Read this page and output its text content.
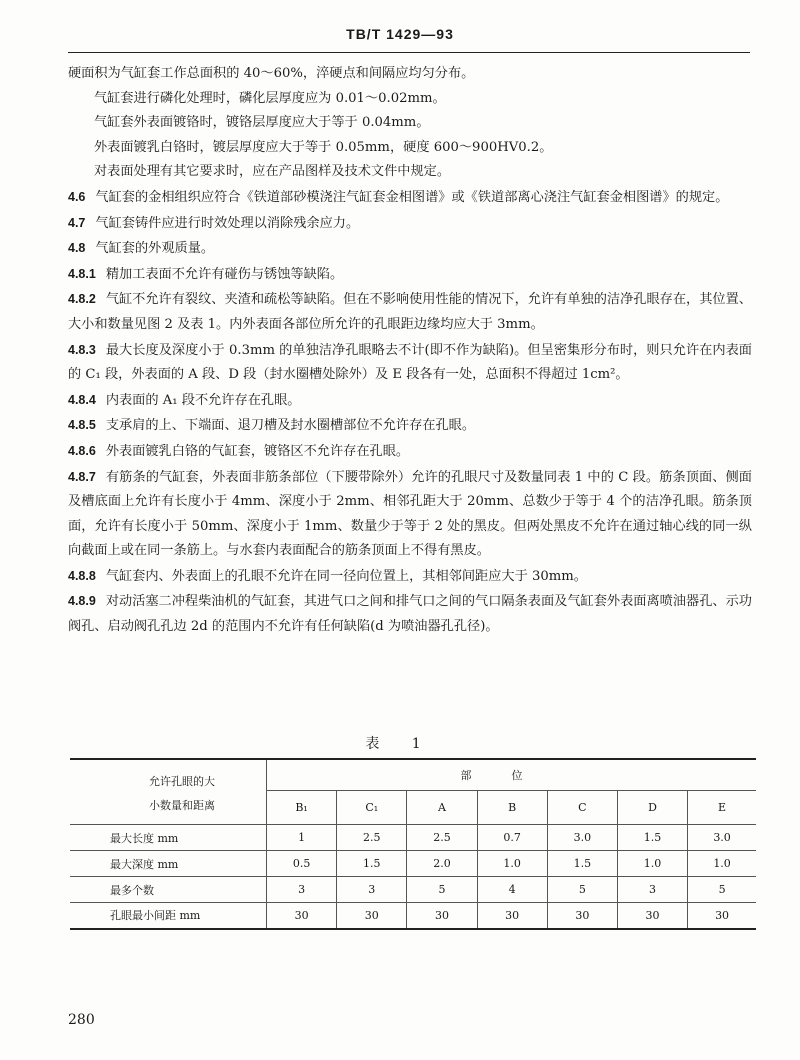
TB/T 1429—93

硬面积为气缸套工作总面积的 40～60%，淬硬点和间隔应均匀分布。

气缸套进行磷化处理时，磷化层厚度应为 0.01～0.02mm。

气缸套外表面镀铬时，镀铬层厚度应大于等于 0.04mm。

外表面镀乳白铬时，镀层厚度应大于等于 0.05mm，硬度 600～900HV0.2。

对表面处理有其它要求时，应在产品图样及技术文件中规定。

4.6 气缸套的金相组织应符合《铁道部砂模浇注气缸套金相图谱》或《铁道部离心浇注气缸套金相图谱》的规定。

4.7 气缸套铸件应进行时效处理以消除残余应力。

4.8 气缸套的外观质量。

4.8.1 精加工表面不允许有碰伤与锈蚀等缺陷。

4.8.2 气缸不允许有裂纹、夹渣和疏松等缺陷。但在不影响使用性能的情况下，允许有单独的洁净孔眼存在，其位置、大小和数量见图 2 及表 1。内外表面各部位所允许的孔眼距边缘均应大于 3mm。

4.8.3 最大长度及深度小于 0.3mm 的单独洁净孔眼略去不计(即不作为缺陷)。但呈密集形分布时，则只允许在内表面的 C₁ 段，外表面的 A 段、D 段（封水圈槽处除外）及 E 段各有一处，总面积不得超过 1cm²。

4.8.4 内表面的 A₁ 段不允许存在孔眼。

4.8.5 支承肩的上、下端面、退刀槽及封水圈槽部位不允许存在孔眼。

4.8.6 外表面镀乳白铬的气缸套，镀铬区不允许存在孔眼。

4.8.7 有筋条的气缸套，外表面非筋条部位（下腰带除外）允许的孔眼尺寸及数量同表 1 中的 C 段。筋条顶面、侧面及槽底面上允许有长度小于 4mm、深度小于 2mm、相邻孔距大于 20mm、总数少于等于 4 个的洁净孔眼。筋条顶面，允许有长度小于 50mm、深度小于 1mm、数量少于等于 2 处的黑皮。但两处黑皮不允许在通过轴心线的同一纵向截面上或在同一条筋上。与水套内表面配合的筋条顶面上不得有黑皮。

4.8.8 气缸套内、外表面上的孔眼不允许在同一径向位置上，其相邻间距应大于 30mm。

4.8.9 对动活塞二冲程柴油机的气缸套，其进气口之间和排气口之间的气口隔条表面及气缸套外表面离喷油器孔、示功阀孔、启动阀孔孔边 2d 的范围内不允许有任何缺陷(d 为喷油器孔孔径)。

表 1
允许孔眼的大
小数量和距离	部位						
	B₁	C₁	A	B	C	D	E
最大长度 mm	1	2.5	2.5	0.7	3.0	1.5	3.0
最大深度 mm	0.5	1.5	2.0	1.0	1.5	1.0	1.0
最多个数	3	3	5	4	5	3	5
孔眼最小间距 mm	30	30	30	30	30	30	30
280
